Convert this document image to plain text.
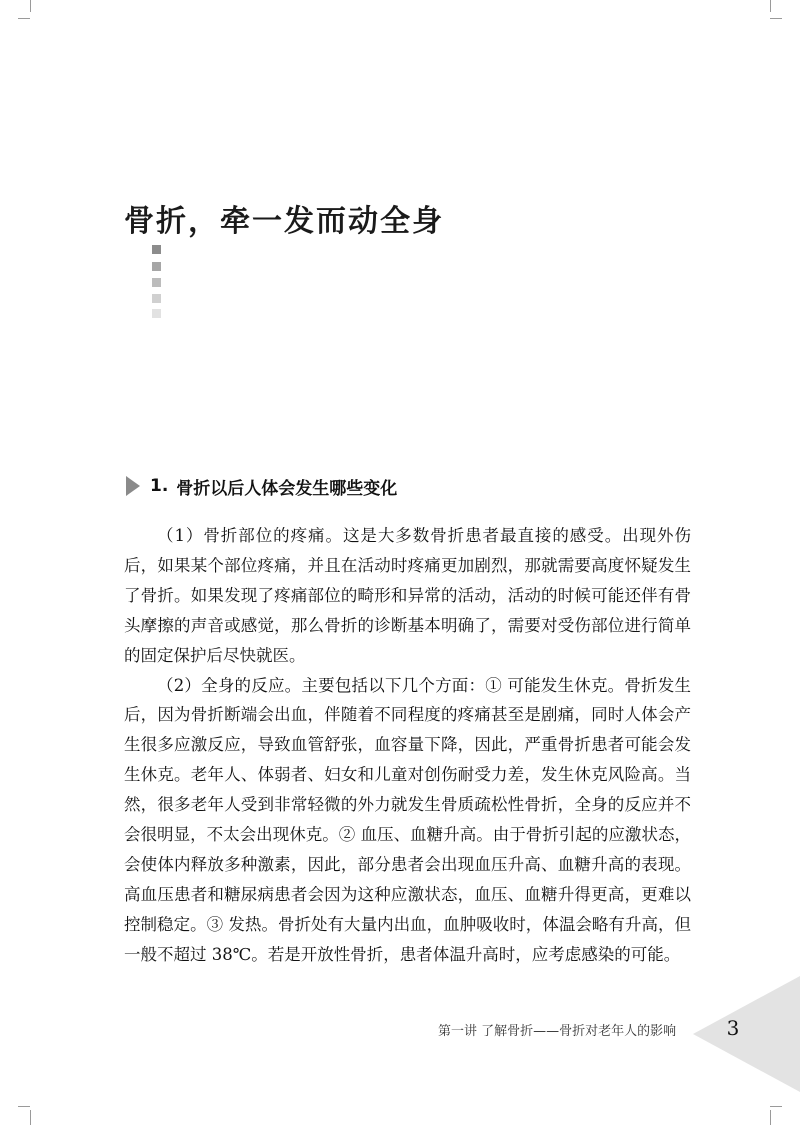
骨折，牵一发而动全身
1. 骨折以后人体会发生哪些变化

（1）骨折部位的疼痛。这是大多数骨折患者最直接的感受。出现外伤后，如果某个部位疼痛，并且在活动时疼痛更加剧烈，那就需要高度怀疑发生了骨折。如果发现了疼痛部位的畸形和异常的活动，活动的时候可能还伴有骨头摩擦的声音或感觉，那么骨折的诊断基本明确了，需要对受伤部位进行简单的固定保护后尽快就医。

（2）全身的反应。主要包括以下几个方面：① 可能发生休克。骨折发生后，因为骨折断端会出血，伴随着不同程度的疼痛甚至是剧痛，同时人体会产生很多应激反应，导致血管舒张，血容量下降，因此，严重骨折患者可能会发生休克。老年人、体弱者、妇女和儿童对创伤耐受力差，发生休克风险高。当然，很多老年人受到非常轻微的外力就发生骨质疏松性骨折，全身的反应并不会很明显，不太会出现休克。② 血压、血糖升高。由于骨折引起的应激状态，会使体内释放多种激素，因此，部分患者会出现血压升高、血糖升高的表现。高血压患者和糖尿病患者会因为这种应激状态，血压、血糖升得更高，更难以控制稳定。③ 发热。骨折处有大量内出血，血肿吸收时，体温会略有升高，但一般不超过 38℃。若是开放性骨折，患者体温升高时，应考虑感染的可能。

第一讲 了解骨折——骨折对老年人的影响	3
